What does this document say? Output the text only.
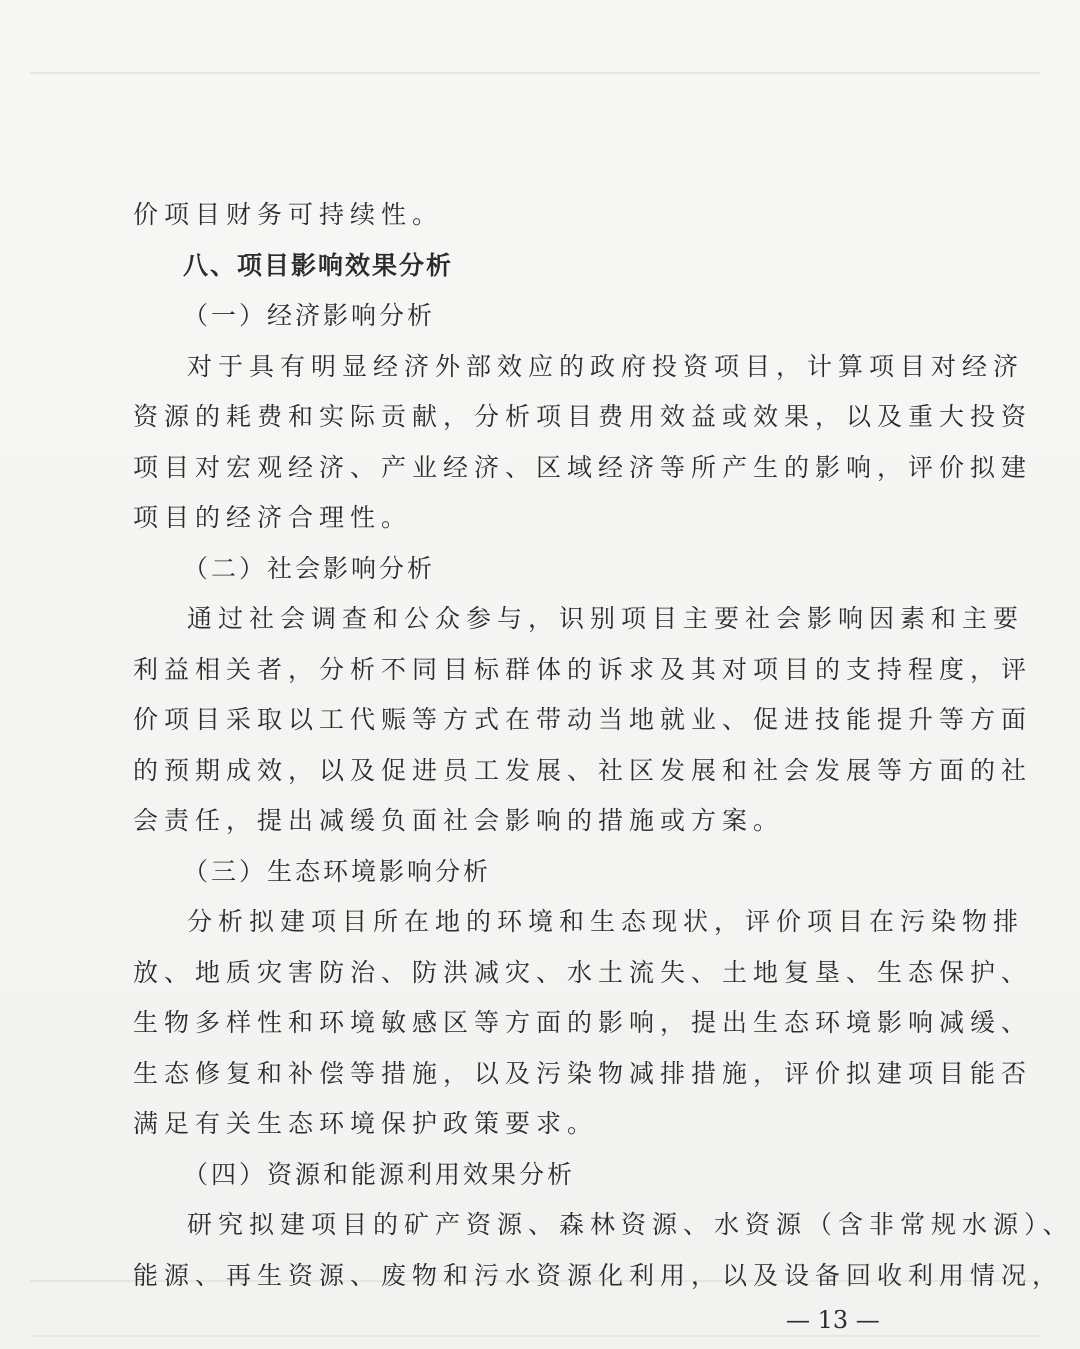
价项目财务可持续性。
八、项目影响效果分析
（一）经济影响分析
对于具有明显经济外部效应的政府投资项目，计算项目对经济
资源的耗费和实际贡献，分析项目费用效益或效果，以及重大投资
项目对宏观经济、产业经济、区域经济等所产生的影响，评价拟建
项目的经济合理性。
（二）社会影响分析
通过社会调查和公众参与，识别项目主要社会影响因素和主要
利益相关者，分析不同目标群体的诉求及其对项目的支持程度，评
价项目采取以工代赈等方式在带动当地就业、促进技能提升等方面
的预期成效，以及促进员工发展、社区发展和社会发展等方面的社
会责任，提出减缓负面社会影响的措施或方案。
（三）生态环境影响分析
分析拟建项目所在地的环境和生态现状，评价项目在污染物排
放、地质灾害防治、防洪减灾、水土流失、土地复垦、生态保护、
生物多样性和环境敏感区等方面的影响，提出生态环境影响减缓、
生态修复和补偿等措施，以及污染物减排措施，评价拟建项目能否
满足有关生态环境保护政策要求。
（四）资源和能源利用效果分析
研究拟建项目的矿产资源、森林资源、水资源（含非常规水源）、
能源、再生资源、废物和污水资源化利用，以及设备回收利用情况，
— 13 —
